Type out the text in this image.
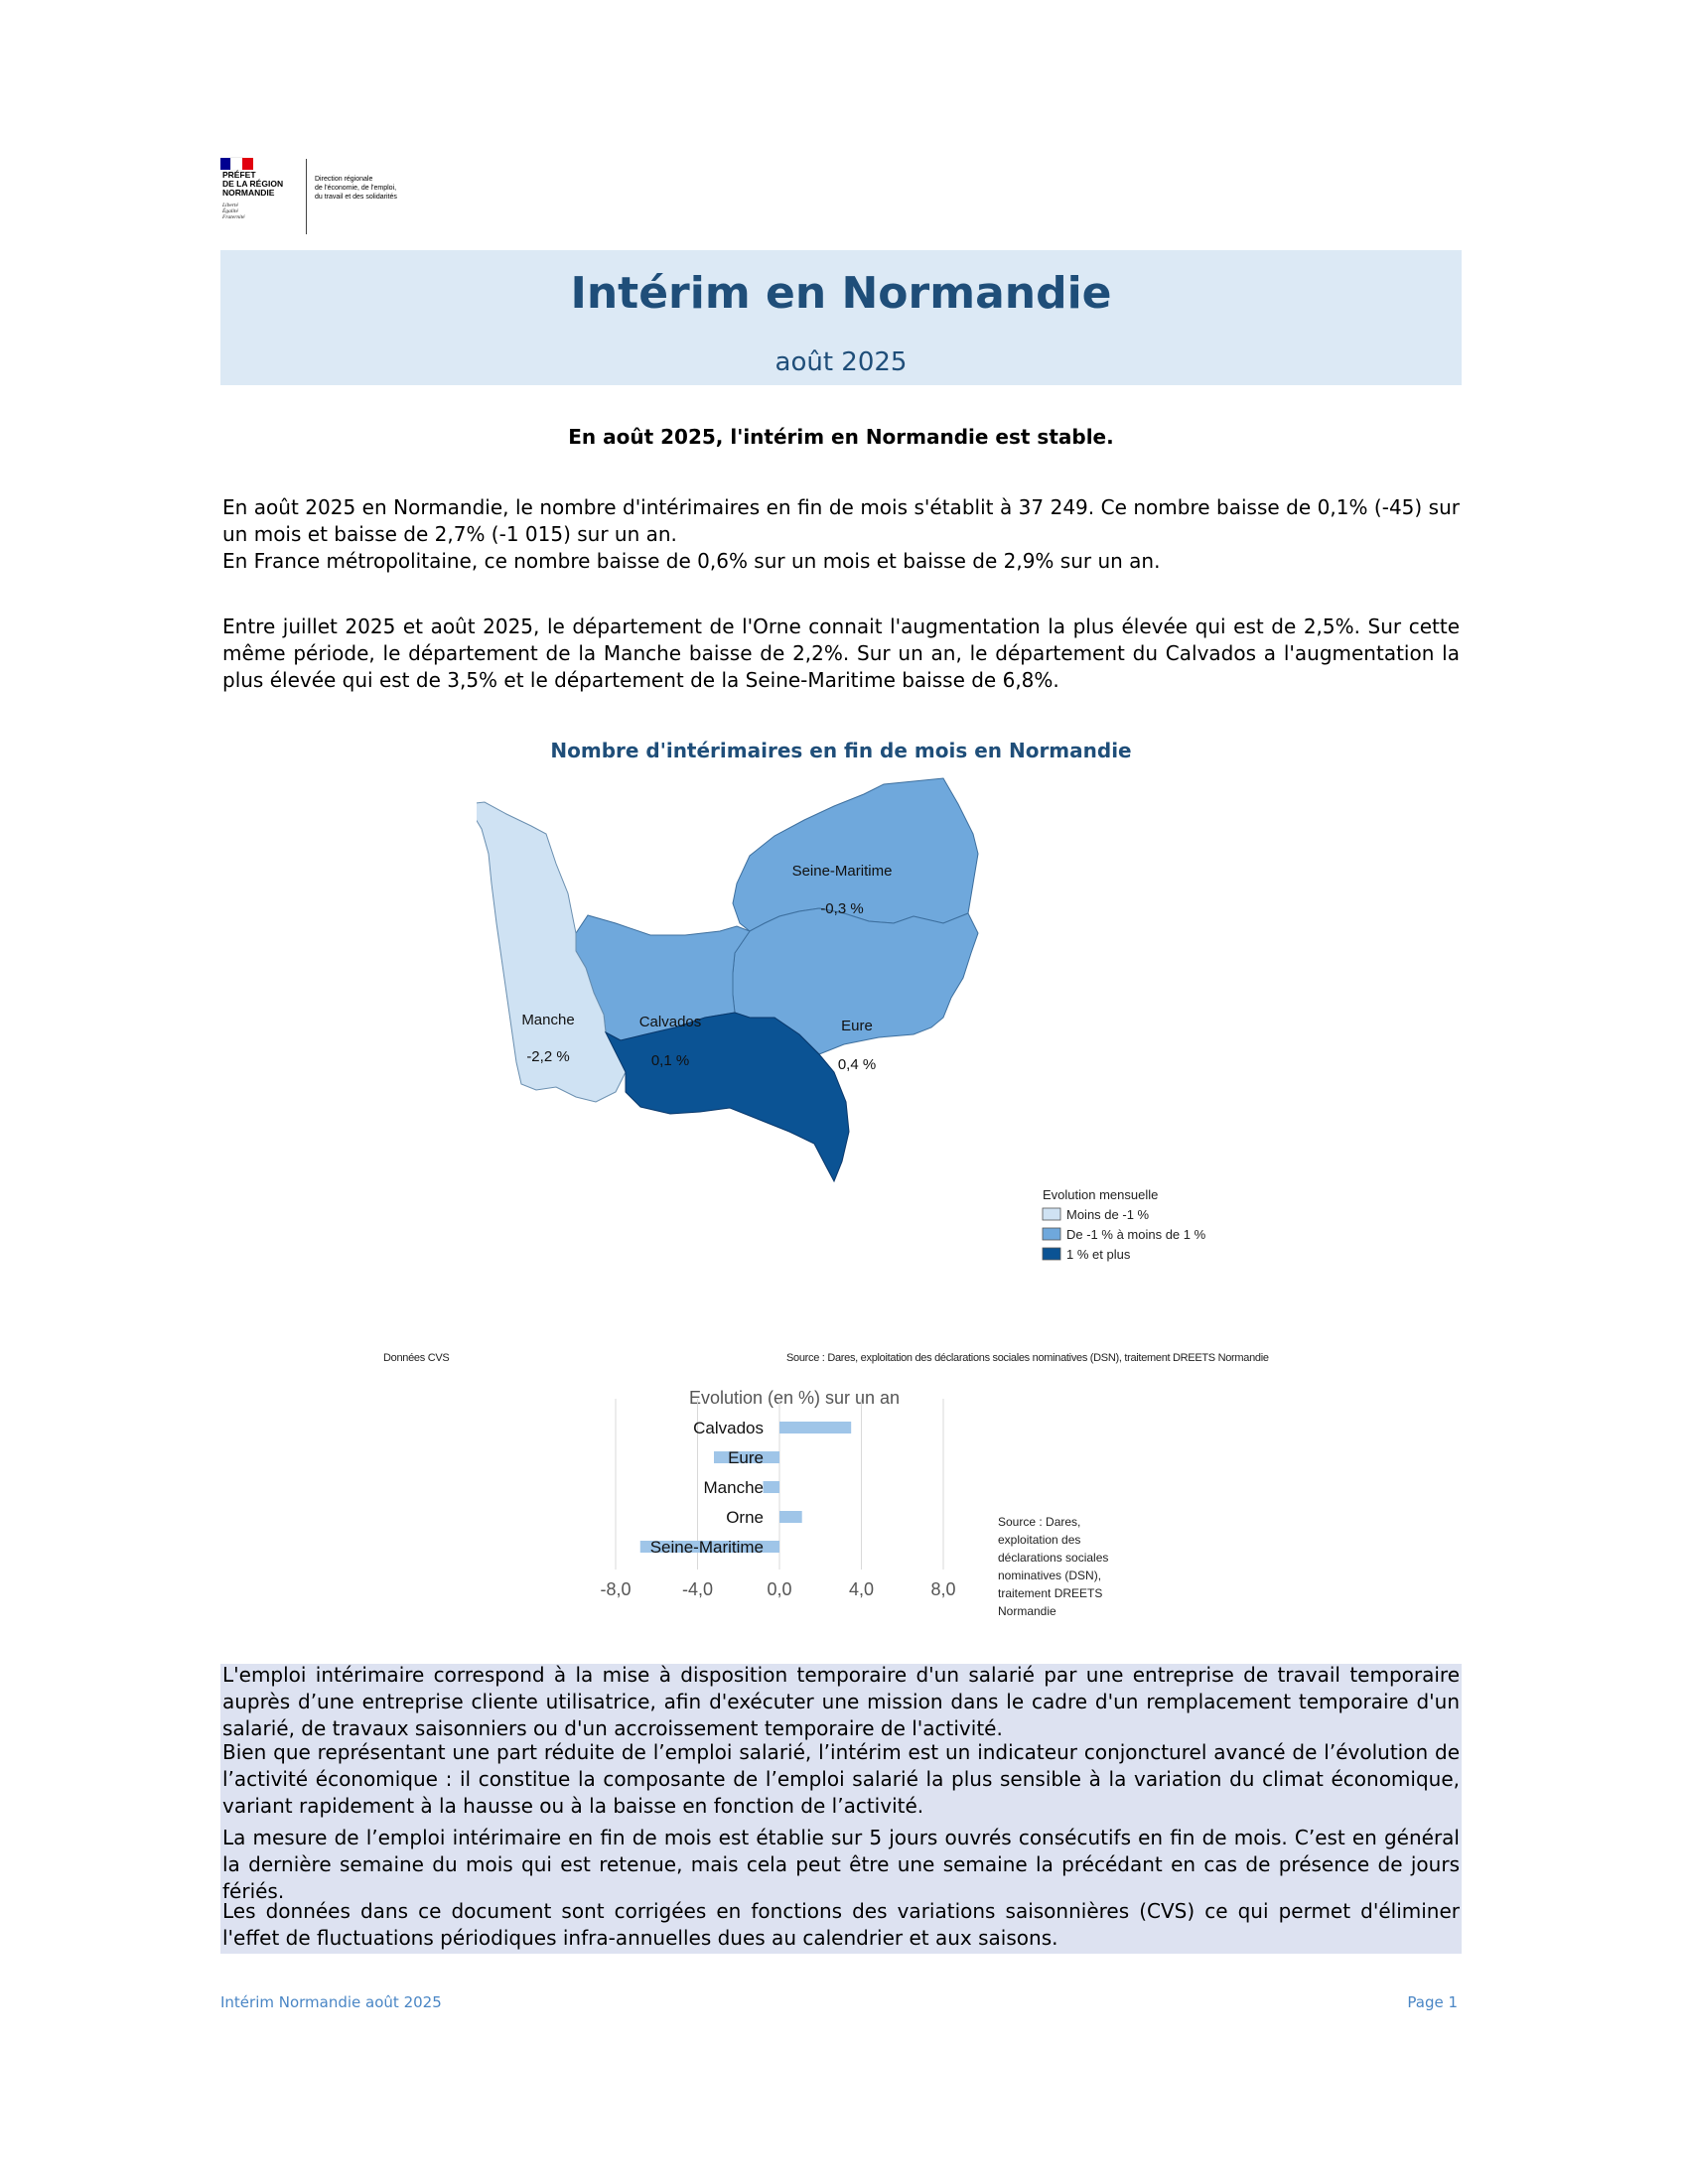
PRÉFET
DE LA RÉGION
NORMANDIE
Liberté
Égalité
Fraternité
Direction régionale
de l'économie, de l'emploi,
du travail et des solidarités
Intérim en Normandie
août 2025
En août 2025, l'intérim en Normandie est stable.
En août 2025 en Normandie, le nombre d'intérimaires en fin de mois s'établit à 37 249. Ce nombre baisse de 0,1% (-45) sur un mois et baisse de 2,7% (-1 015) sur un an.
En France métropolitaine, ce nombre baisse de 0,6% sur un mois et baisse de 2,9% sur un an.
Entre juillet 2025 et août 2025, le département de l'Orne connait l'augmentation la plus élevée qui est de 2,5%. Sur cette même période, le département de la Manche baisse de 2,2%. Sur un an, le département du Calvados a l'augmentation la plus élevée qui est de 3,5% et le département de la Seine-Maritime baisse de 6,8%.
Nombre d'intérimaires en fin de mois en Normandie
Seine-Maritime
-0,3 %
Manche
-2,2 %
Calvados
0,1 %
Eure
0,4 %
Orne
2,5 %
Evolution mensuelle
Moins de -1 %
De -1 % à moins de 1 %
1 % et plus
Données CVS	Source : Dares, exploitation des déclarations sociales nominatives (DSN), traitement DREETS Normandie
Evolution (en %) sur un an
-8,0	-4,0	0,0	4,0	8,0
Calvados
Eure
Manche
Orne
Seine-Maritime
Source : Dares, exploitation des déclarations sociales nominatives (DSN), traitement DREETS Normandie
L'emploi intérimaire correspond à la mise à disposition temporaire d'un salarié par une entreprise de travail temporaire auprès d’une entreprise cliente utilisatrice, afin d'exécuter une mission dans le cadre d'un remplacement temporaire d'un salarié, de travaux saisonniers ou d'un accroissement temporaire de l'activité.
Bien que représentant une part réduite de l’emploi salarié, l’intérim est un indicateur conjoncturel avancé de l’évolution de l’activité économique : il constitue la composante de l’emploi salarié la plus sensible à la variation du climat économique, variant rapidement à la hausse ou à la baisse en fonction de l’activité.
La mesure de l’emploi intérimaire en fin de mois est établie sur 5 jours ouvrés consécutifs en fin de mois. C’est en général la dernière semaine du mois qui est retenue, mais cela peut être une semaine la précédant en cas de présence de jours fériés.
Les données dans ce document sont corrigées en fonctions des variations saisonnières (CVS) ce qui permet d'éliminer l'effet de fluctuations périodiques infra-annuelles dues au calendrier et aux saisons.
Intérim Normandie août 2025	Page 1
